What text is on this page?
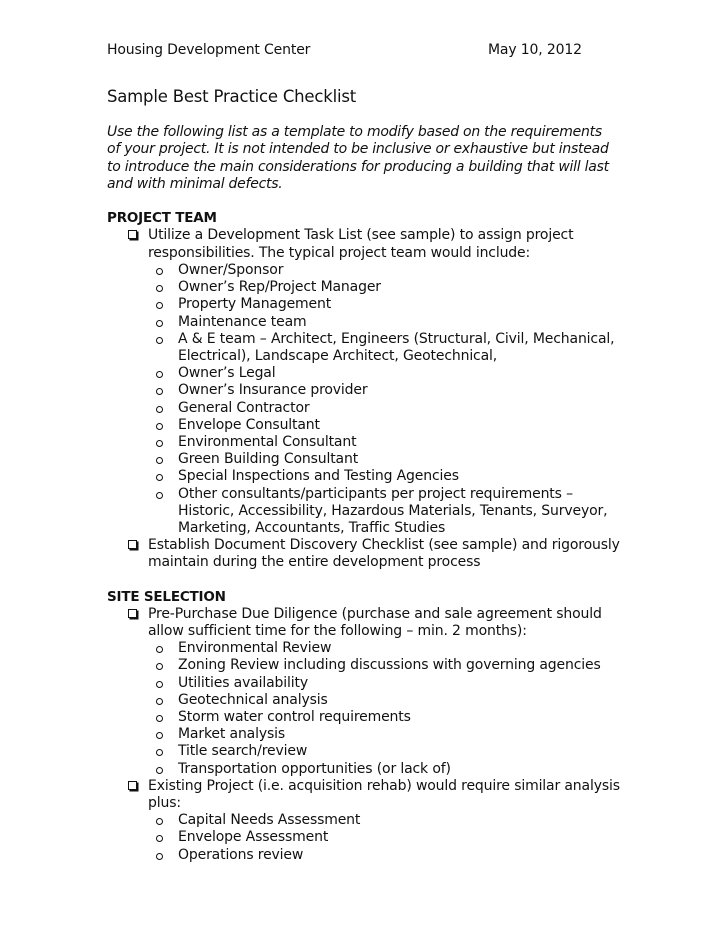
Housing Development Center	May 10, 2012
Sample Best Practice Checklist
Use the following list as a template to modify based on the requirements of your project. It is not intended to be inclusive or exhaustive but instead to introduce the main considerations for producing a building that will last and with minimal defects.
PROJECT TEAM
Utilize a Development Task List (see sample) to assign project responsibilities. The typical project team would include:
Owner/Sponsor
Owner’s Rep/Project Manager
Property Management
Maintenance team
A & E team – Architect, Engineers (Structural, Civil, Mechanical, Electrical), Landscape Architect, Geotechnical,
Owner’s Legal
Owner’s Insurance provider
General Contractor
Envelope Consultant
Environmental Consultant
Green Building Consultant
Special Inspections and Testing Agencies
Other consultants/participants per project requirements – Historic, Accessibility, Hazardous Materials, Tenants, Surveyor, Marketing, Accountants, Traffic Studies
Establish Document Discovery Checklist (see sample) and rigorously maintain during the entire development process
SITE SELECTION
Pre-Purchase Due Diligence (purchase and sale agreement should allow sufficient time for the following – min. 2 months):
Environmental Review
Zoning Review including discussions with governing agencies
Utilities availability
Geotechnical analysis
Storm water control requirements
Market analysis
Title search/review
Transportation opportunities (or lack of)
Existing Project (i.e. acquisition rehab) would require similar analysis plus:
Capital Needs Assessment
Envelope Assessment
Operations review
